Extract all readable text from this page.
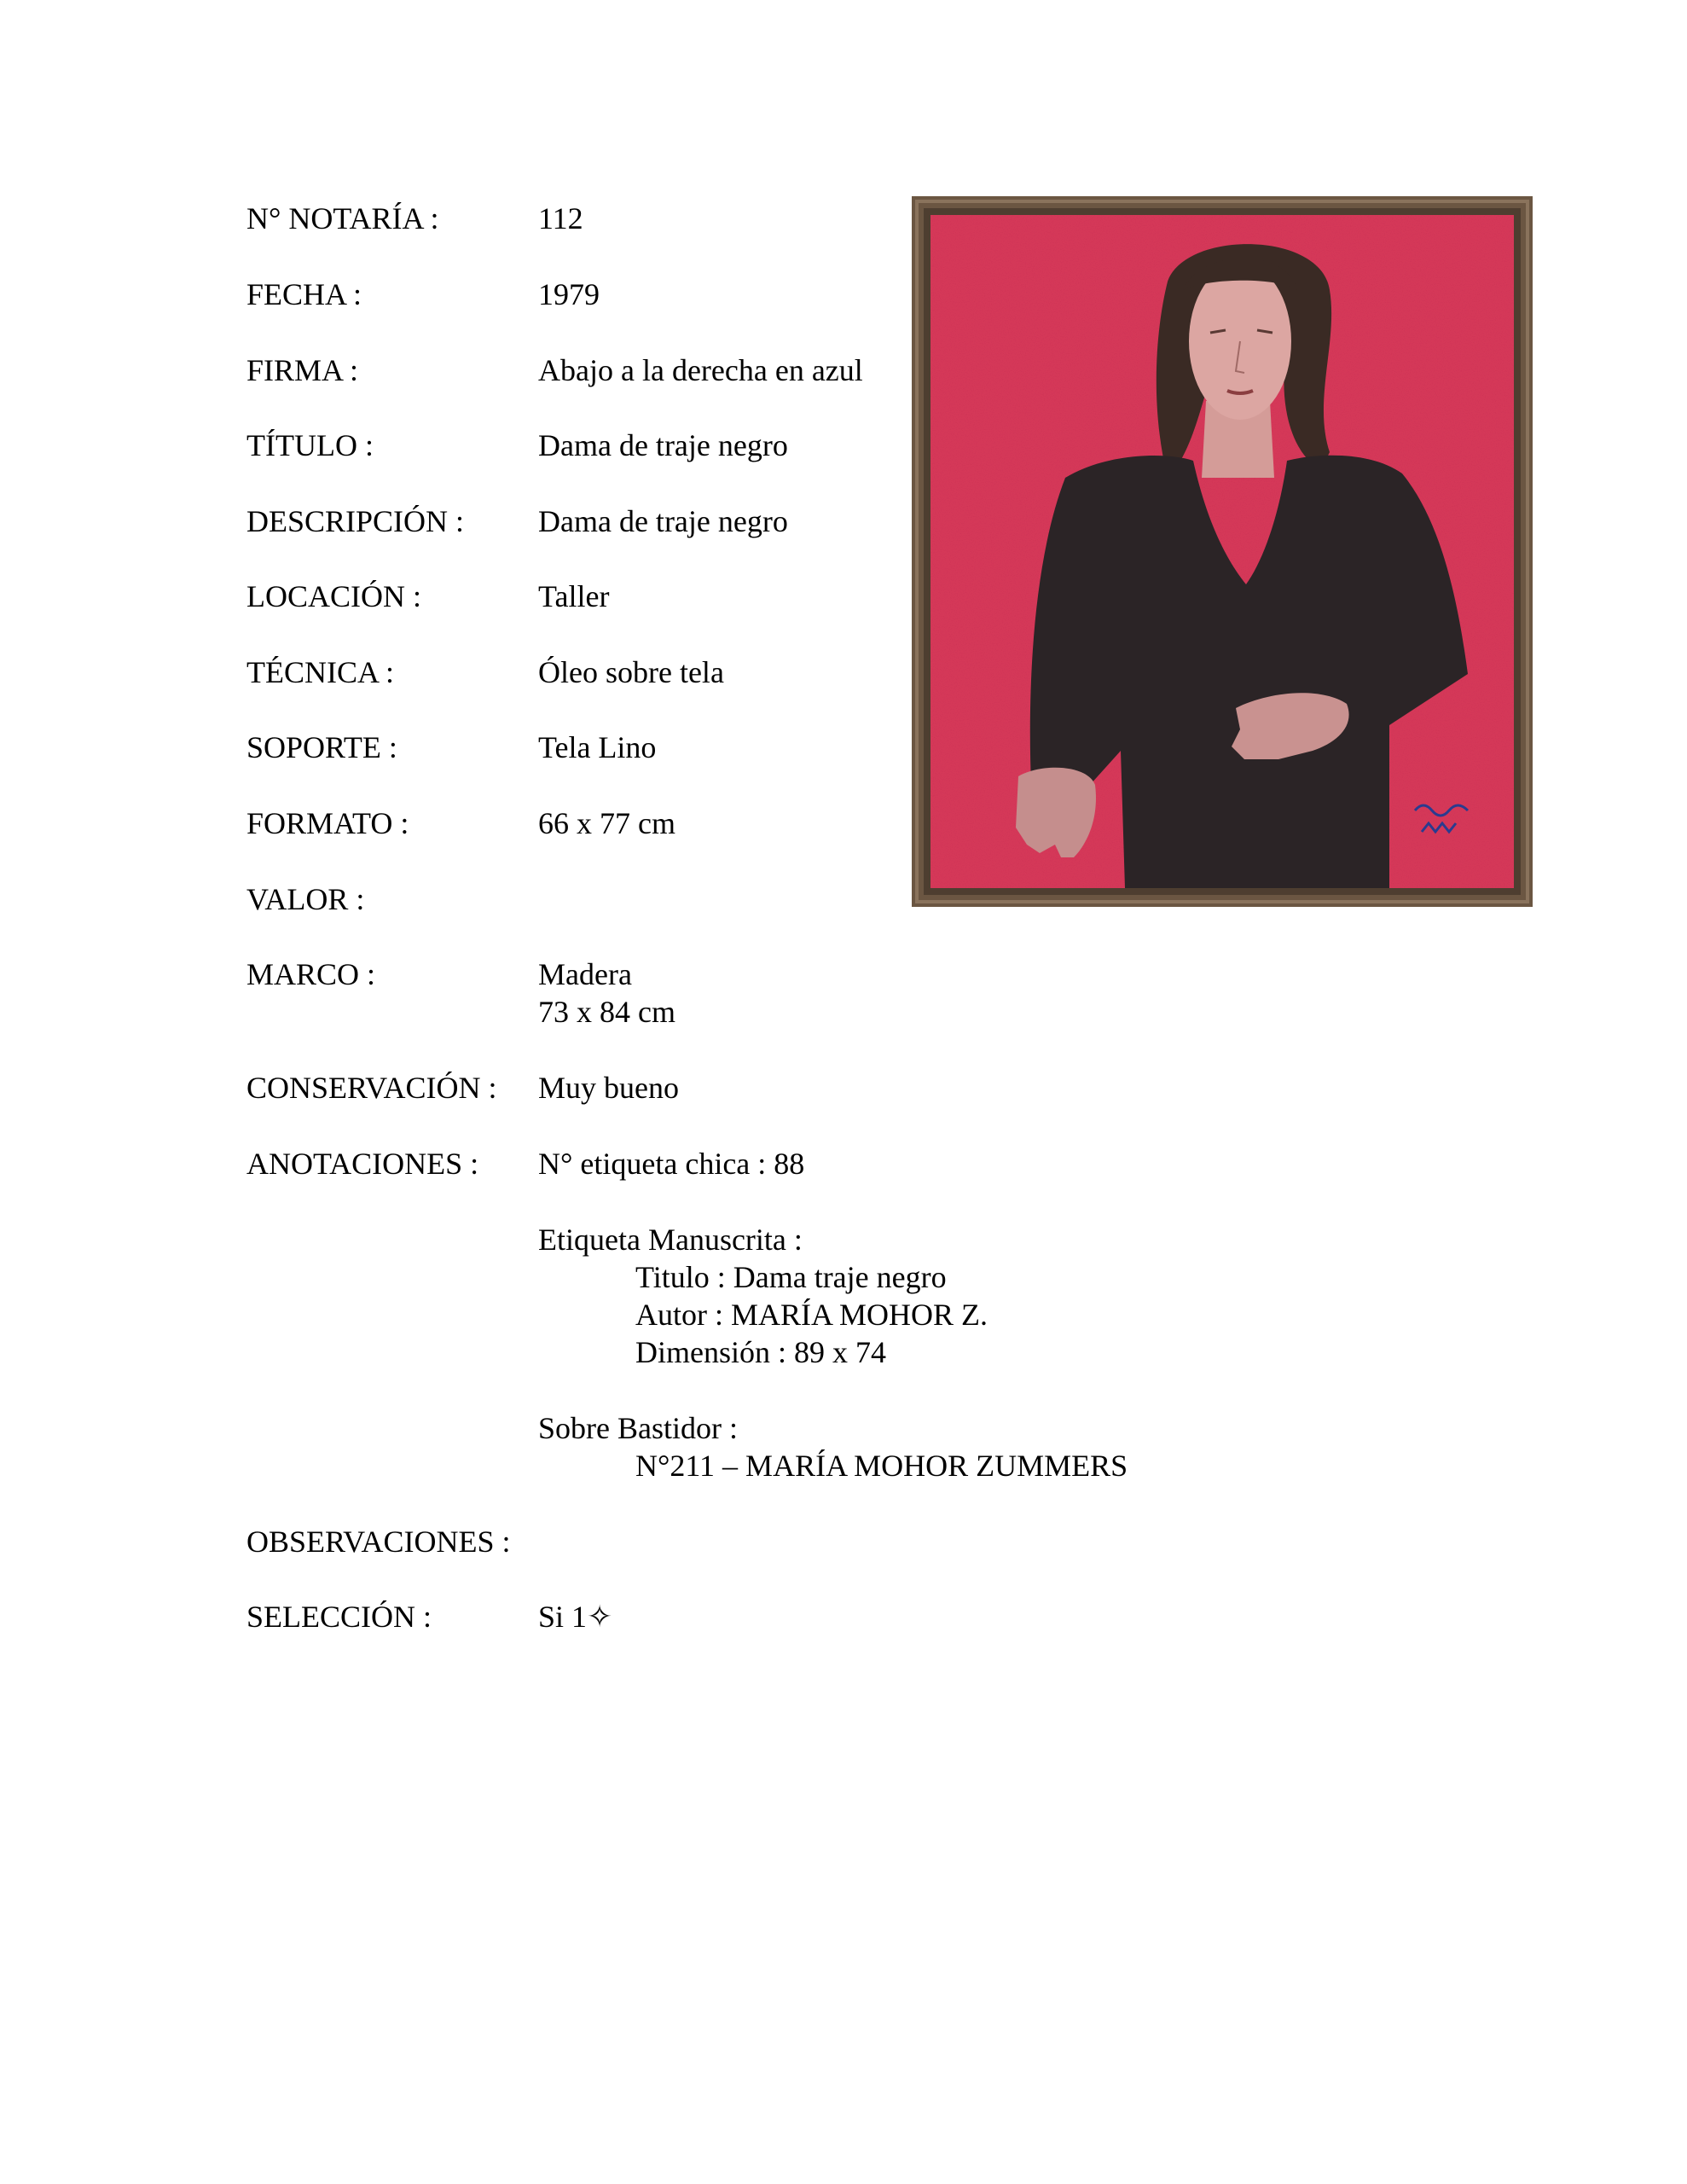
N° NOTARÍA :	112
FECHA :	1979
FIRMA :	Abajo a la derecha en azul
TÍTULO :	Dama de traje negro
DESCRIPCIÓN :	Dama de traje negro
LOCACIÓN :	Taller
TÉCNICA :	Óleo sobre tela
SOPORTE :	Tela Lino
FORMATO :	66 x 77 cm
VALOR :
MARCO :	Madera
73 x 84 cm
CONSERVACIÓN :	Muy bueno
ANOTACIONES :	N° etiqueta chica : 88
Etiqueta Manuscrita :
Titulo : Dama traje negro
Autor : MARÍA MOHOR Z.
Dimensión : 89 x 74
Sobre Bastidor :
N°211 – MARÍA MOHOR ZUMMERS
OBSERVACIONES :
SELECCIÓN :	Si 1✧
